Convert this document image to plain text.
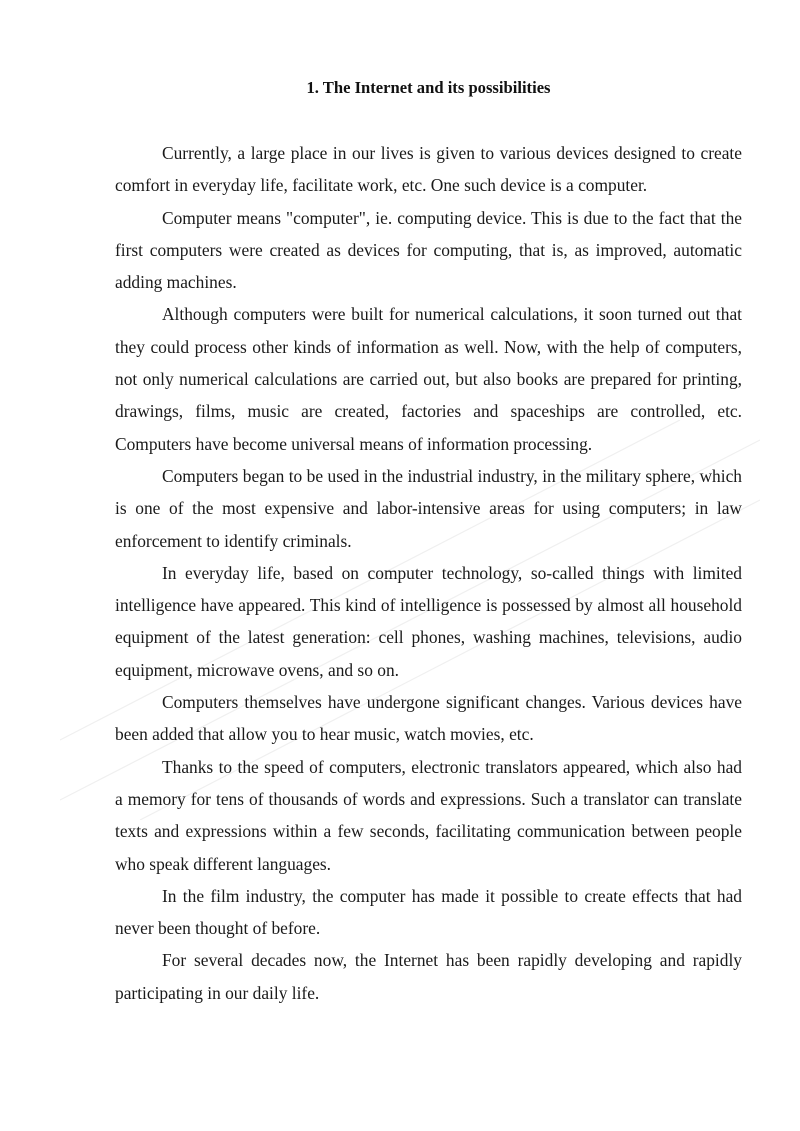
1. The Internet and its possibilities

Currently, a large place in our lives is given to various devices designed to create comfort in everyday life, facilitate work, etc. One such device is a computer.

Computer means "computer", ie. computing device. This is due to the fact that the first computers were created as devices for computing, that is, as improved, automatic adding machines.

Although computers were built for numerical calculations, it soon turned out that they could process other kinds of information as well. Now, with the help of computers, not only numerical calculations are carried out, but also books are prepared for printing, drawings, films, music are created, factories and spaceships are controlled, etc. Computers have become universal means of information processing.

Computers began to be used in the industrial industry, in the military sphere, which is one of the most expensive and labor-intensive areas for using computers; in law enforcement to identify criminals.

In everyday life, based on computer technology, so-called things with limited intelligence have appeared. This kind of intelligence is possessed by almost all household equipment of the latest generation: cell phones, washing machines, televisions, audio equipment, microwave ovens, and so on.

Computers themselves have undergone significant changes. Various devices have been added that allow you to hear music, watch movies, etc.

Thanks to the speed of computers, electronic translators appeared, which also had a memory for tens of thousands of words and expressions. Such a translator can translate texts and expressions within a few seconds, facilitating communication between people who speak different languages.

In the film industry, the computer has made it possible to create effects that had never been thought of before.

For several decades now, the Internet has been rapidly developing and rapidly participating in our daily life.
